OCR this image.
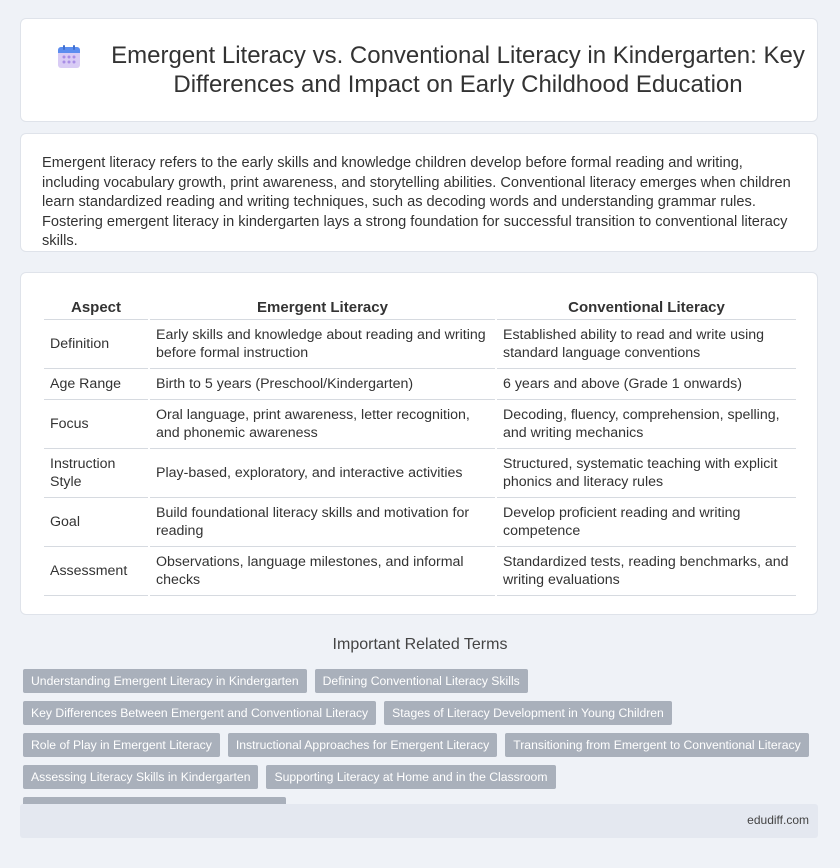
Emergent Literacy vs. Conventional Literacy in Kindergarten: Key Differences and Impact on Early Childhood Education

Emergent literacy refers to the early skills and knowledge children develop before formal reading and writing, including vocabulary growth, print awareness, and storytelling abilities. Conventional literacy emerges when children learn standardized reading and writing techniques, such as decoding words and understanding grammar rules. Fostering emergent literacy in kindergarten lays a strong foundation for successful transition to conventional literacy skills.

Aspect	Emergent Literacy	Conventional Literacy
Definition	Early skills and knowledge about reading and writing before formal instruction	Established ability to read and write using standard language conventions
Age Range	Birth to 5 years (Preschool/Kindergarten)	6 years and above (Grade 1 onwards)
Focus	Oral language, print awareness, letter recognition, and phonemic awareness	Decoding, fluency, comprehension, spelling, and writing mechanics
Instruction Style	Play-based, exploratory, and interactive activities	Structured, systematic teaching with explicit phonics and literacy rules
Goal	Build foundational literacy skills and motivation for reading	Develop proficient reading and writing competence
Assessment	Observations, language milestones, and informal checks	Standardized tests, reading benchmarks, and writing evaluations
Important Related Terms
Understanding Emergent Literacy in Kindergarten	Defining Conventional Literacy Skills
Key Differences Between Emergent and Conventional Literacy	Stages of Literacy Development in Young Children
Role of Play in Emergent Literacy	Instructional Approaches for Emergent Literacy	Transitioning from Emergent to Conventional Literacy
Assessing Literacy Skills in Kindergarten	Supporting Literacy at Home and in the Classroom
edudiff.com
